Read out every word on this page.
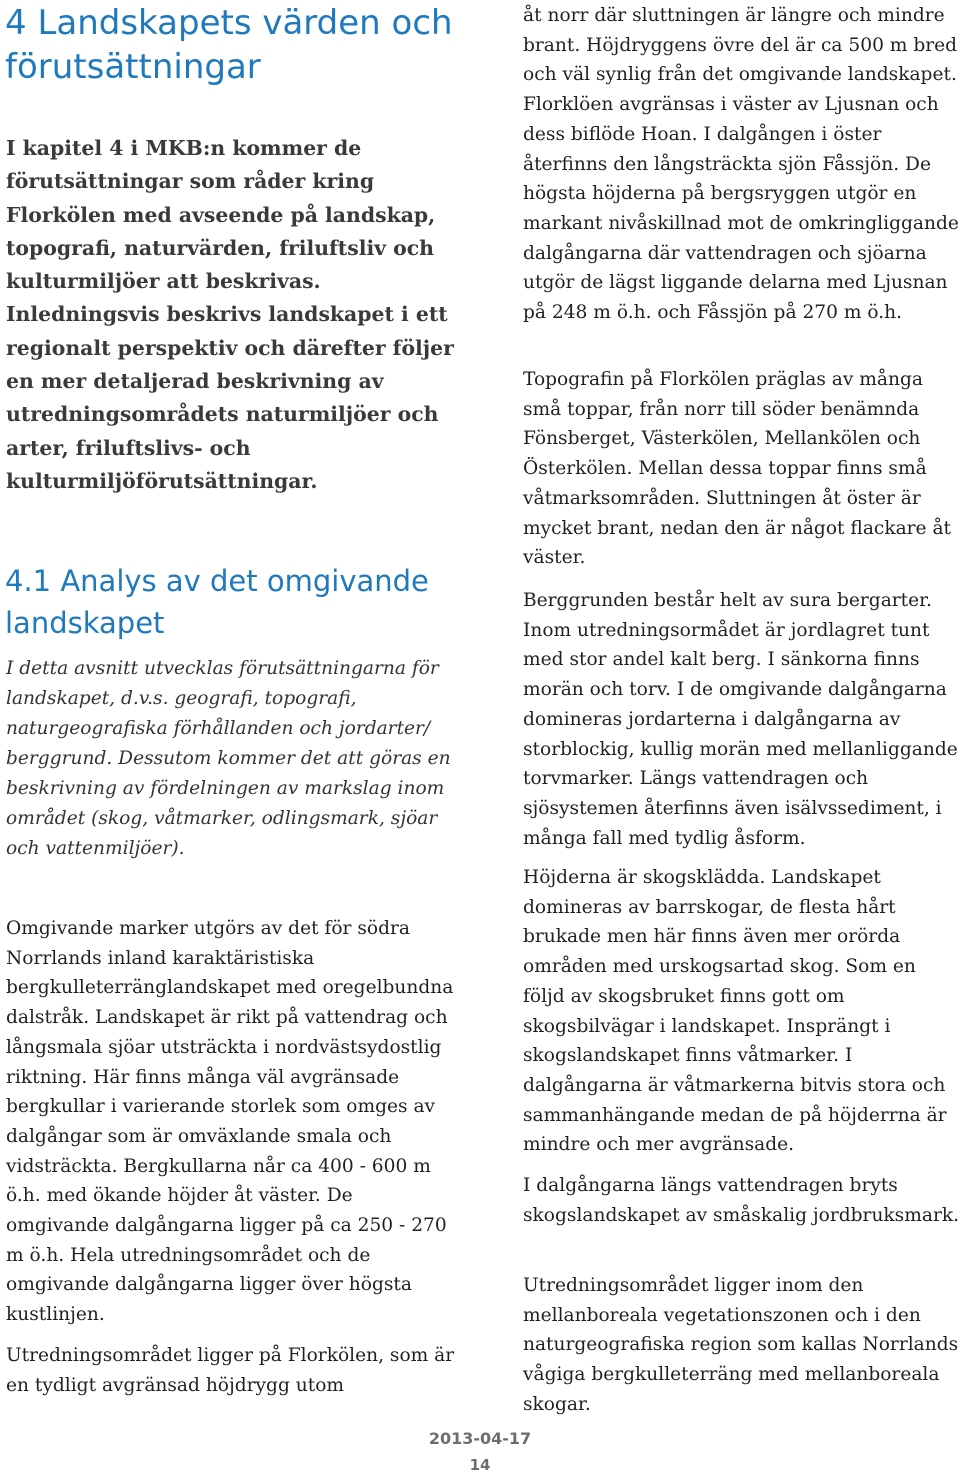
4 Landskapets värden och förutsättningar

I kapitel 4 i MKB:n kommer de förutsättningar som råder kring Florkölen med avseende på landskap, topografi, naturvärden, friluftsliv och kulturmiljöer att beskrivas. Inledningsvis beskrivs landskapet i ett regionalt perspektiv och därefter följer en mer detaljerad beskrivning av utredningsområdets naturmiljöer och arter, friluftslivs- och kulturmiljöförutsättningar.

4.1 Analys av det omgivande landskapet

I detta avsnitt utvecklas förutsättningarna för landskapet, d.v.s. geografi, topografi, naturgeografiska förhållanden och jordarter/ berggrund. Dessutom kommer det att göras en beskrivning av fördelningen av markslag inom området (skog, våtmarker, odlingsmark, sjöar och vattenmiljöer).

Omgivande marker utgörs av det för södra Norrlands inland karaktäristiska bergkulleterränglandskapet med oregelbundna dalstråk. Landskapet är rikt på vattendrag och långsmala sjöar utsträckta i nordvästsydostlig riktning. Här finns många väl avgränsade bergkullar i varierande storlek som omges av dalgångar som är omväxlande smala och vidsträckta. Bergkullarna når ca 400 - 600 m ö.h. med ökande höjder åt väster. De omgivande dalgångarna ligger på ca 250 - 270 m ö.h. Hela utredningsområdet och de omgivande dalgångarna ligger över högsta kustlinjen.

Utredningsområdet ligger på Florkölen, som är en tydligt avgränsad höjdrygg utom

åt norr där sluttningen är längre och mindre brant. Höjdryggens övre del är ca 500 m bred och väl synlig från det omgivande landskapet. Florklöen avgränsas i väster av Ljusnan och dess biflöde Hoan. I dalgången i öster återfinns den långsträckta sjön Fåssjön. De högsta höjderna på bergsryggen utgör en markant nivåskillnad mot de omkringliggande dalgångarna där vattendragen och sjöarna utgör de lägst liggande delarna med Ljusnan på 248 m ö.h. och Fåssjön på 270 m ö.h.

Topografin på Florkölen präglas av många små toppar, från norr till söder benämnda Fönsberget, Västerkölen, Mellankölen och Österkölen. Mellan dessa toppar finns små våtmarksområden. Sluttningen åt öster är mycket brant, nedan den är något flackare åt väster.

Berggrunden består helt av sura bergarter. Inom utredningsormådet är jordlagret tunt med stor andel kalt berg. I sänkorna finns morän och torv. I de omgivande dalgångarna domineras jordarterna i dalgångarna av storblockig, kullig morän med mellanliggande torvmarker. Längs vattendragen och sjösystemen återfinns även isälvssediment, i många fall med tydlig åsform.

Höjderna är skogsklädda. Landskapet domineras av barrskogar, de flesta hårt brukade men här finns även mer orörda områden med urskogsartad skog. Som en följd av skogsbruket finns gott om skogsbilvägar i landskapet. Insprängt i skogslandskapet finns våtmarker. I dalgångarna är våtmarkerna bitvis stora och sammanhängande medan de på höjderrna är mindre och mer avgränsade.

I dalgångarna längs vattendragen bryts skogslandskapet av småskalig jordbruksmark.

Utredningsområdet ligger inom den mellanboreala vegetationszonen och i den naturgeografiska region som kallas Norrlands vågiga bergkulleterräng med mellanboreala skogar.

2013-04-17
14
